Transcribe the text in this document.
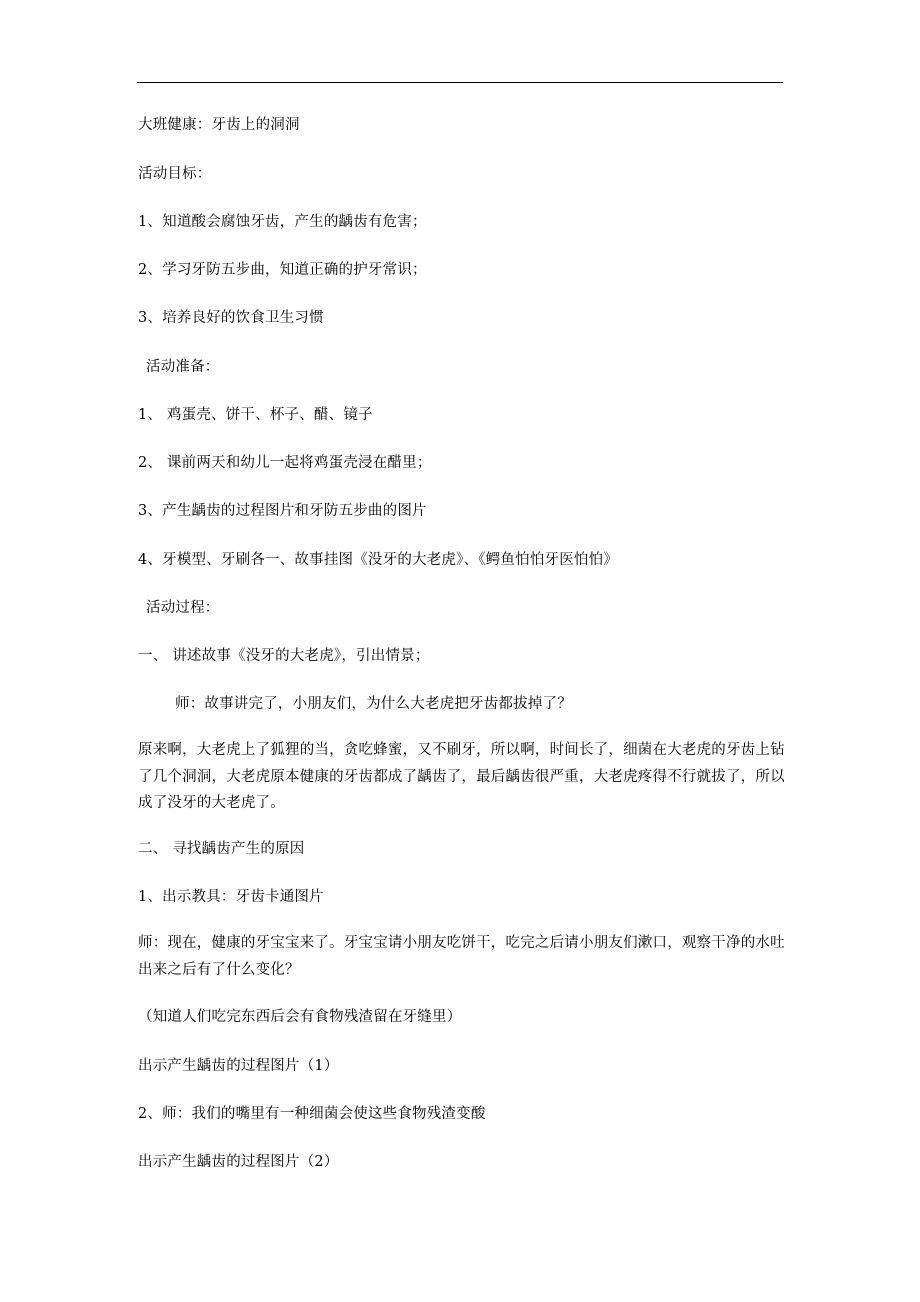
大班健康：牙齿上的洞洞
活动目标：
1、知道酸会腐蚀牙齿，产生的龋齿有危害；
2、学习牙防五步曲，知道正确的护牙常识；
3、培养良好的饮食卫生习惯
活动准备：
1、 鸡蛋壳、饼干、杯子、醋、镜子
2、 课前两天和幼儿一起将鸡蛋壳浸在醋里；
3、产生龋齿的过程图片和牙防五步曲的图片
4、牙模型、牙刷各一、故事挂图《没牙的大老虎》、《鳄鱼怕怕牙医怕怕》
活动过程：
一、 讲述故事《没牙的大老虎》，引出情景；
师：故事讲完了，小朋友们，为什么大老虎把牙齿都拔掉了？
原来啊，大老虎上了狐狸的当，贪吃蜂蜜，又不刷牙，所以啊，时间长了，细菌在大老虎的牙齿上钻了几个洞洞，大老虎原本健康的牙齿都成了龋齿了，最后龋齿很严重，大老虎疼得不行就拔了，所以成了没牙的大老虎了。
二、 寻找龋齿产生的原因
1、出示教具：牙齿卡通图片
师：现在，健康的牙宝宝来了。牙宝宝请小朋友吃饼干，吃完之后请小朋友们漱口，观察干净的水吐出来之后有了什么变化？
（知道人们吃完东西后会有食物残渣留在牙缝里）
出示产生龋齿的过程图片（1）
2、师：我们的嘴里有一种细菌会使这些食物残渣变酸
出示产生龋齿的过程图片（2）
